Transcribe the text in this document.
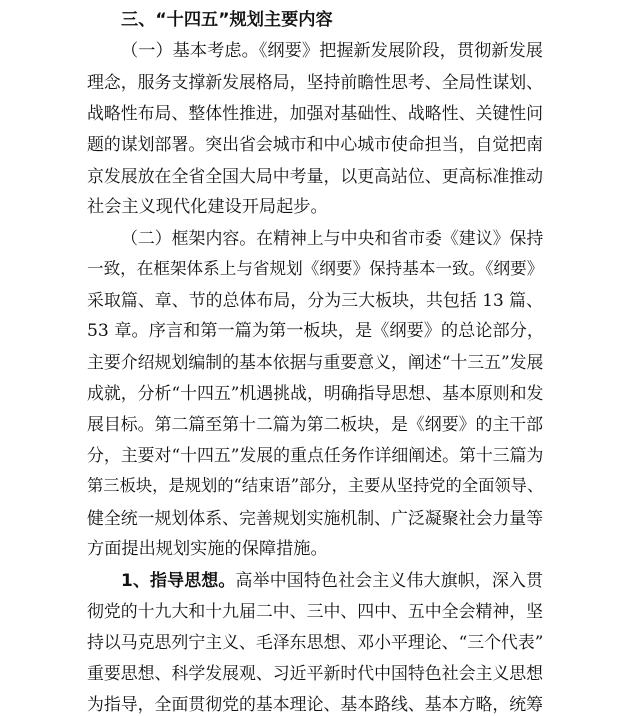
三、“十四五”规划主要内容
（一）基本考虑。《纲要》把握新发展阶段，贯彻新发展
理念，服务支撑新发展格局，坚持前瞻性思考、全局性谋划、
战略性布局、整体性推进，加强对基础性、战略性、关键性问
题的谋划部署。突出省会城市和中心城市使命担当，自觉把南
京发展放在全省全国大局中考量，以更高站位、更高标准推动
社会主义现代化建设开局起步。
（二）框架内容。在精神上与中央和省市委《建议》保持
一致，在框架体系上与省规划《纲要》保持基本一致。《纲要》
采取篇、章、节的总体布局，分为三大板块，共包括 13 篇、
53 章。序言和第一篇为第一板块，是《纲要》的总论部分，
主要介绍规划编制的基本依据与重要意义，阐述“十三五”发展
成就，分析“十四五”机遇挑战，明确指导思想、基本原则和发
展目标。第二篇至第十二篇为第二板块，是《纲要》的主干部
分，主要对“十四五”发展的重点任务作详细阐述。第十三篇为
第三板块，是规划的“结束语”部分，主要从坚持党的全面领导、
健全统一规划体系、完善规划实施机制、广泛凝聚社会力量等
方面提出规划实施的保障措施。
1、指导思想。高举中国特色社会主义伟大旗帜，深入贯
彻党的十九大和十九届二中、三中、四中、五中全会精神，坚
持以马克思列宁主义、毛泽东思想、邓小平理论、“三个代表”
重要思想、科学发展观、习近平新时代中国特色社会主义思想
为指导，全面贯彻党的基本理论、基本路线、基本方略，统筹
